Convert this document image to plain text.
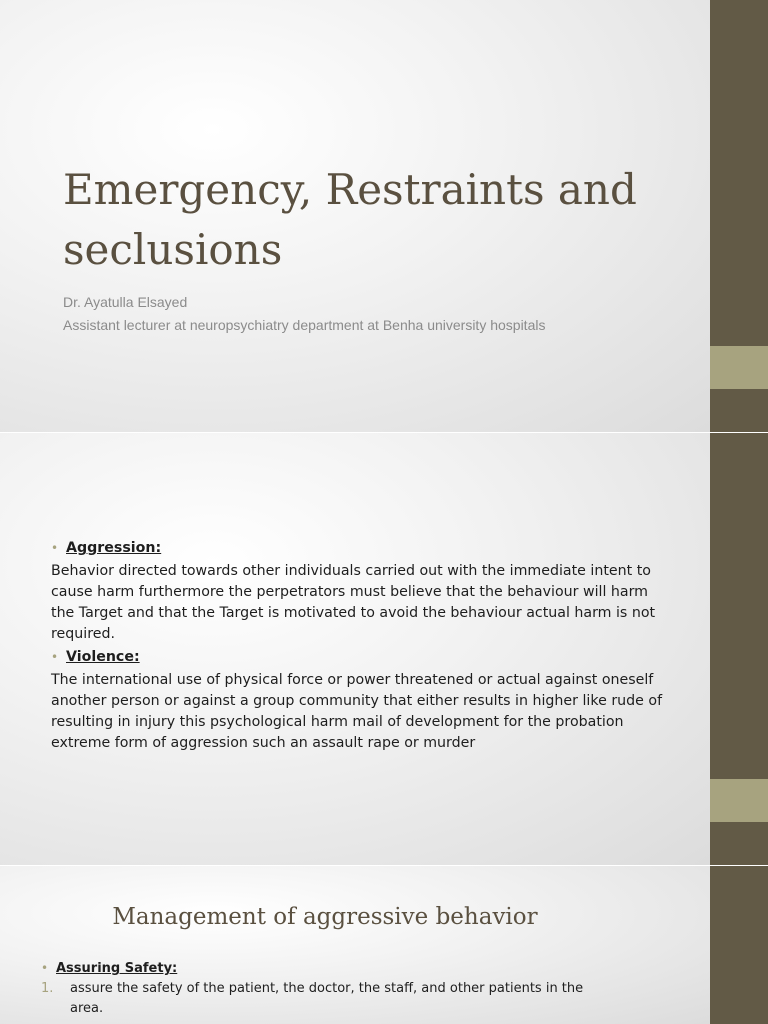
Emergency, Restraints and seclusions
Dr. Ayatulla Elsayed
Assistant lecturer at neuropsychiatry department at Benha university hospitals
• Aggression:

Behavior directed towards other individuals carried out with the immediate intent to cause harm furthermore the perpetrators must believe that the behaviour will harm the Target and that the Target is motivated to avoid the behaviour actual harm is not required.

• Violence:

The international use of physical force or power threatened or actual against oneself another person or against a group community that either results in higher like rude of resulting in injury this psychological harm mail of development for the probation extreme form of aggression such an assault rape or murder

Management of aggressive behavior
• Assuring Safety:
1.	assure the safety of the patient, the doctor, the staff, and other patients in the area.
